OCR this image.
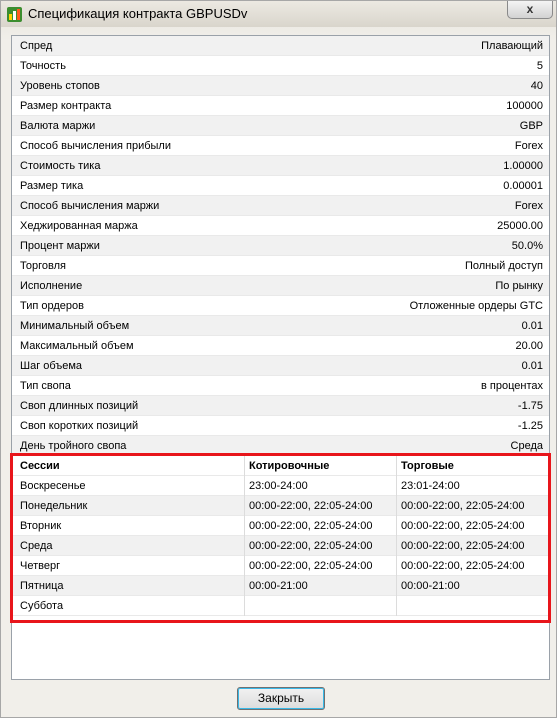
Спецификация контракта GBPUSDv	x
Спред	Плавающий
Точность	5
Уровень стопов	40
Размер контракта	100000
Валюта маржи	GBP
Способ вычисления прибыли	Forex
Стоимость тика	1.00000
Размер тика	0.00001
Способ вычисления маржи	Forex
Хеджированная маржа	25000.00
Процент маржи	50.0%
Торговля	Полный доступ
Исполнение	По рынку
Тип ордеров	Отложенные ордеры GTC
Минимальный объем	0.01
Максимальный объем	20.00
Шаг объема	0.01
Тип свопа	в процентах
Своп длинных позиций	-1.75
Своп коротких позиций	-1.25
День тройного свопа	Среда
Сессии	Котировочные	Торговые
Воскресенье	23:00-24:00	23:01-24:00
Понедельник	00:00-22:00, 22:05-24:00	00:00-22:00, 22:05-24:00
Вторник	00:00-22:00, 22:05-24:00	00:00-22:00, 22:05-24:00
Среда	00:00-22:00, 22:05-24:00	00:00-22:00, 22:05-24:00
Четверг	00:00-22:00, 22:05-24:00	00:00-22:00, 22:05-24:00
Пятница	00:00-21:00	00:00-21:00
Суббота
Закрыть
